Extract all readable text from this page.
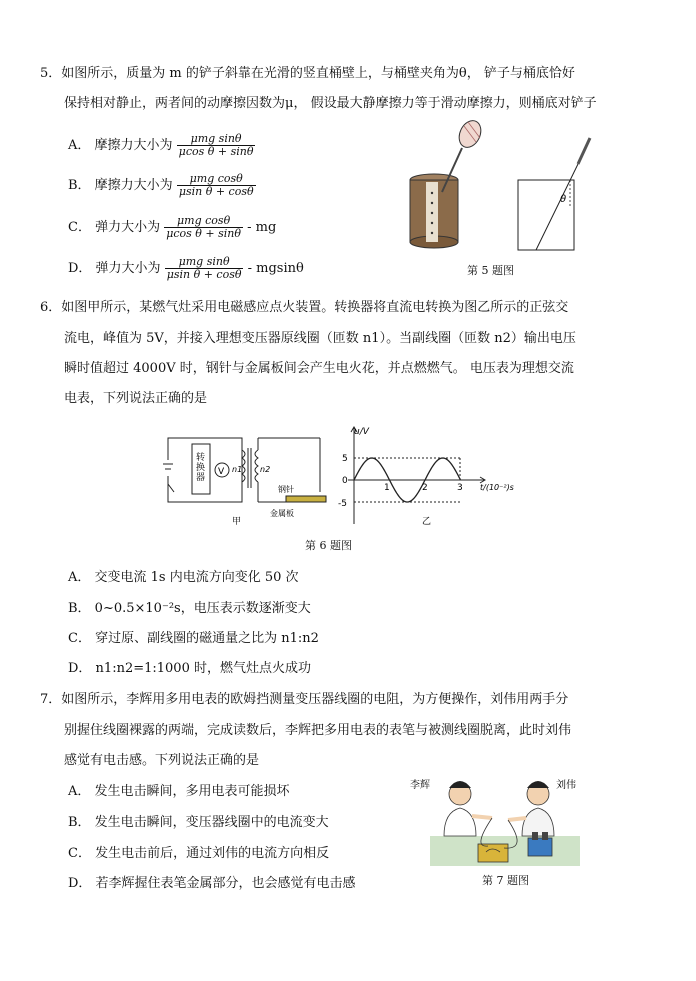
5．如图所示，质量为 m 的铲子斜靠在光滑的竖直桶壁上，与桶壁夹角为θ， 铲子与桶底恰好
保持相对静止，两者间的动摩擦因数为μ， 假设最大静摩擦力等于滑动摩擦力，则桶底对铲子
A． 摩擦力大小为 $\frac{\text{μmg sinθ}}{\text{μcos θ + sinθ}}$
B． 摩擦力大小为 $\frac{\text{μmg cosθ}}{\text{μsin θ + cosθ}}$
C． 弹力大小为 $\frac{\text{μmg cosθ}}{\text{μcos θ + sinθ}}$ - mg
D． 弹力大小为 $\frac{\text{μmg sinθ}}{\text{μsin θ + cosθ}}$ - mgsinθ
θ
第 5 题图
6．如图甲所示，某燃气灶采用电磁感应点火装置。转换器将直流电转换为图乙所示的正弦交
流电，峰值为 5V，并接入理想变压器原线圈（匝数 n1）。当副线圈（匝数 n2）输出电压
瞬时值超过 4000V 时，钢针与金属板间会产生电火花，并点燃燃气。 电压表为理想交流
电表，下列说法正确的是
转换器
V n1 n2
钢针
金属板
甲
u/V
5
-5
0
1	2	3 t/(10⁻²)s
乙
第 6 题图
A． 交变电流 1s 内电流方向变化 50 次
B． 0~0.5×10⁻²s，电压表示数逐渐变大
C． 穿过原、副线圈的磁通量之比为 n1:n2
D． n1:n2=1:1000 时，燃气灶点火成功
7．如图所示，李辉用多用电表的欧姆挡测量变压器线圈的电阻，为方便操作，刘伟用两手分
别握住线圈裸露的两端，完成读数后，李辉把多用电表的表笔与被测线圈脱离，此时刘伟
感觉有电击感。下列说法正确的是
A． 发生电击瞬间，多用电表可能损坏
B． 发生电击瞬间，变压器线圈中的电流变大
C． 发生电击前后，通过刘伟的电流方向相反
D． 若李辉握住表笔金属部分，也会感觉有电击感
李辉	刘伟
第 7 题图
